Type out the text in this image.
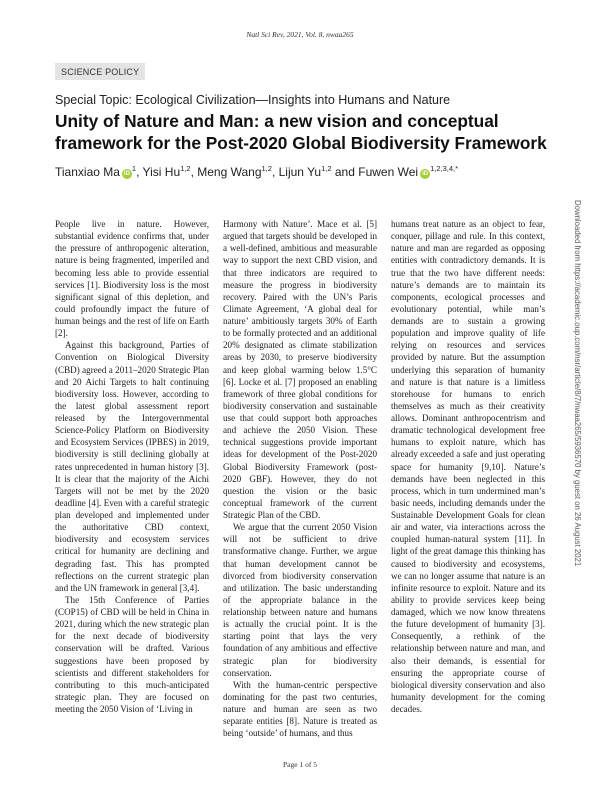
Natl Sci Rev, 2021, Vol. 8, nwaa265
SCIENCE POLICY
Special Topic: Ecological Civilization—Insights into Humans and Nature
Unity of Nature and Man: a new vision and conceptual framework for the Post-2020 Global Biodiversity Framework
Tianxiao Ma $iD^1$, Yisi Hu$^{1,2}$, Meng Wang$^{1,2}$, Lijun Yu$^{1,2}$ and Fuwen Wei $iD^{1,2,3,4,*}$

People live in nature. However, substantial evidence confirms that, under the pressure of anthropogenic alteration, nature is being fragmented, imperiled and becoming less able to provide essential services [1]. Biodiversity loss is the most significant signal of this depletion, and could profoundly impact the future of human beings and the rest of life on Earth [2].

Against this background, Parties of Convention on Biological Diversity (CBD) agreed a 2011–2020 Strategic Plan and 20 Aichi Targets to halt continuing biodiversity loss. However, according to the latest global assessment report released by the Intergovernmental Science-Policy Platform on Biodiversity and Ecosystem Services (IPBES) in 2019, biodiversity is still declining globally at rates unprecedented in human history [3]. It is clear that the majority of the Aichi Targets will not be met by the 2020 deadline [4]. Even with a careful strategic plan developed and implemented under the authoritative CBD context, biodiversity and ecosystem services critical for humanity are declining and degrading fast. This has prompted reflections on the current strategic plan and the UN framework in general [3,4].

The 15th Conference of Parties (COP15) of CBD will be held in China in 2021, during which the new strategic plan for the next decade of biodiversity conservation will be drafted. Various suggestions have been proposed by scientists and different stakeholders for contributing to this much-anticipated strategic plan. They are focused on meeting the 2050 Vision of ‘Living in

Harmony with Nature’. Mace et al. [5] argued that targets should be developed in a well-defined, ambitious and measurable way to support the next CBD vision, and that three indicators are required to measure the progress in biodiversity recovery. Paired with the UN’s Paris Climate Agreement, ‘A global deal for nature’ ambitiously targets 30% of Earth to be formally protected and an additional 20% designated as climate stabilization areas by 2030, to preserve biodiversity and keep global warming below 1.5°C [6]. Locke et al. [7] proposed an enabling framework of three global conditions for biodiversity conservation and sustainable use that could support both approaches and achieve the 2050 Vision. These technical suggestions provide important ideas for development of the Post-2020 Global Biodiversity Framework (post-2020 GBF). However, they do not question the vision or the basic conceptual framework of the current Strategic Plan of the CBD.

We argue that the current 2050 Vision will not be sufficient to drive transformative change. Further, we argue that human development cannot be divorced from biodiversity conservation and utilization. The basic understanding of the appropriate balance in the relationship between nature and humans is actually the crucial point. It is the starting point that lays the very foundation of any ambitious and effective strategic plan for biodiversity conservation.

With the human-centric perspective dominating for the past two centuries, nature and human are seen as two separate entities [8]. Nature is treated as being ‘outside’ of humans, and thus

humans treat nature as an object to fear, conquer, pillage and rule. In this context, nature and man are regarded as opposing entities with contradictory demands. It is true that the two have different needs: nature’s demands are to maintain its components, ecological processes and evolutionary potential, while man’s demands are to sustain a growing population and improve quality of life relying on resources and services provided by nature. But the assumption underlying this separation of humanity and nature is that nature is a limitless storehouse for humans to enrich themselves as much as their creativity allows. Dominant anthropocentrism and dramatic technological development free humans to exploit nature, which has already exceeded a safe and just operating space for humanity [9,10]. Nature’s demands have been neglected in this process, which in turn undermined man’s basic needs, including demands under the Sustainable Development Goals for clean air and water, via interactions across the coupled human-natural system [11]. In light of the great damage this thinking has caused to biodiversity and ecosystems, we can no longer assume that nature is an infinite resource to exploit. Nature and its ability to provide services keep being damaged, which we now know threatens the future development of humanity [3]. Consequently, a rethink of the relationship between nature and man, and also their demands, is essential for ensuring the appropriate course of biological diversity conservation and also humanity development for the coming decades.

Downloaded from https://academic.oup.com/nsr/article/8/7/nwaa265/5936570 by guest on 26 August 2021
Page 1 of 5
